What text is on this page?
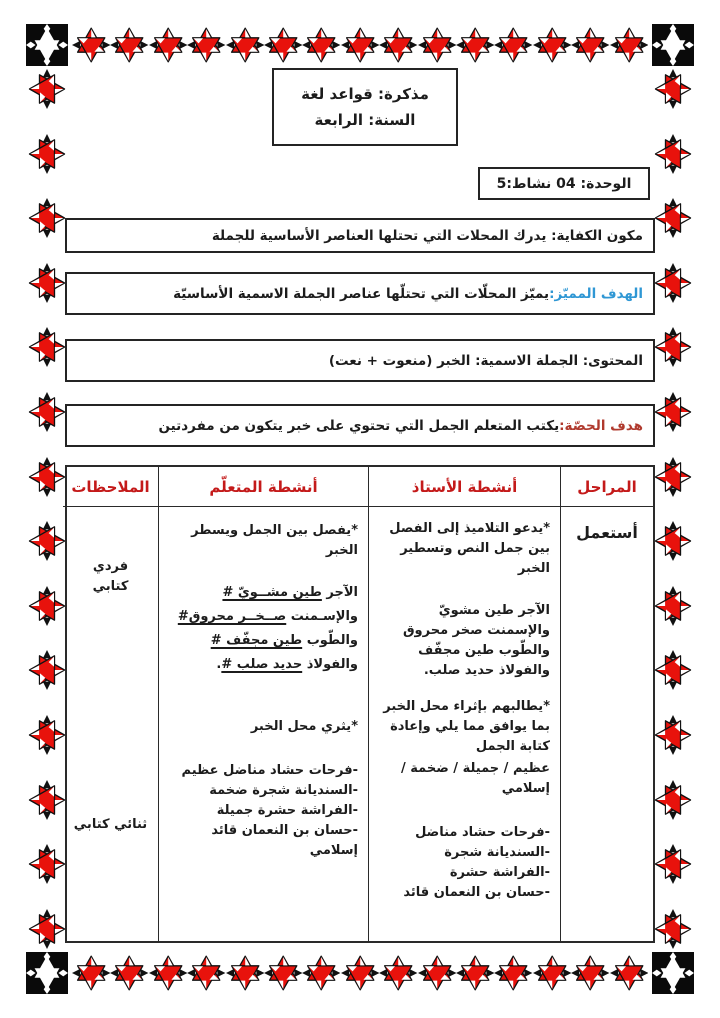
مذكرة: قواعد لغة
السنة: الرابعة
الوحدة: 04 نشاط:5
مكون الكفاية: يدرك المحلات التي تحتلها العناصر الأساسية للجملة
الهدف المميّز:
يميّز المحلّات التي تحتلّها عناصر الجملة الاسمية الأساسيّة
المحتوى: الجملة الاسمية: الخبر (منعوت + نعت)
هدف الحصّة:
يكتب المتعلم الجمل التي تحتوي على خبر يتكون من مفردتين
المراحل
أنشطة الأستاذ
أنشطة المتعلّم
الملاحظات
أستعمل
*يدعو التلاميذ إلى الفصل بين جمل النص وتسطير الخبر
الآجر طين مشويّ والإسمنت صخر محروق والطّوب طين مجفّف والفولاذ حديد صلب.
*يطالبهم بإثراء محل الخبر بما يوافق مما يلي وإعادة كتابة الجمل
عظيم / جميلة / ضخمة /إسلامي
-فرحات حشاد مناضل
-السنديانة شجرة
-الفراشة حشرة
-حسان بن النعمان قائد
*يفصل بين الجمل ويسطر الخبر
الآجر طين مشــويّ # والإسـمنت صــخــر محروق# والطّوب طين مجفّف # والفولاذ حديد صلب #.
*يثري محل الخبر
-فرحات حشاد مناضل عظيم
-السنديانة شجرة ضخمة
-الفراشة حشرة جميلة
-حسان بن النعمان قائد إسلامي
فردي كتابي
ثنائي كتابي
